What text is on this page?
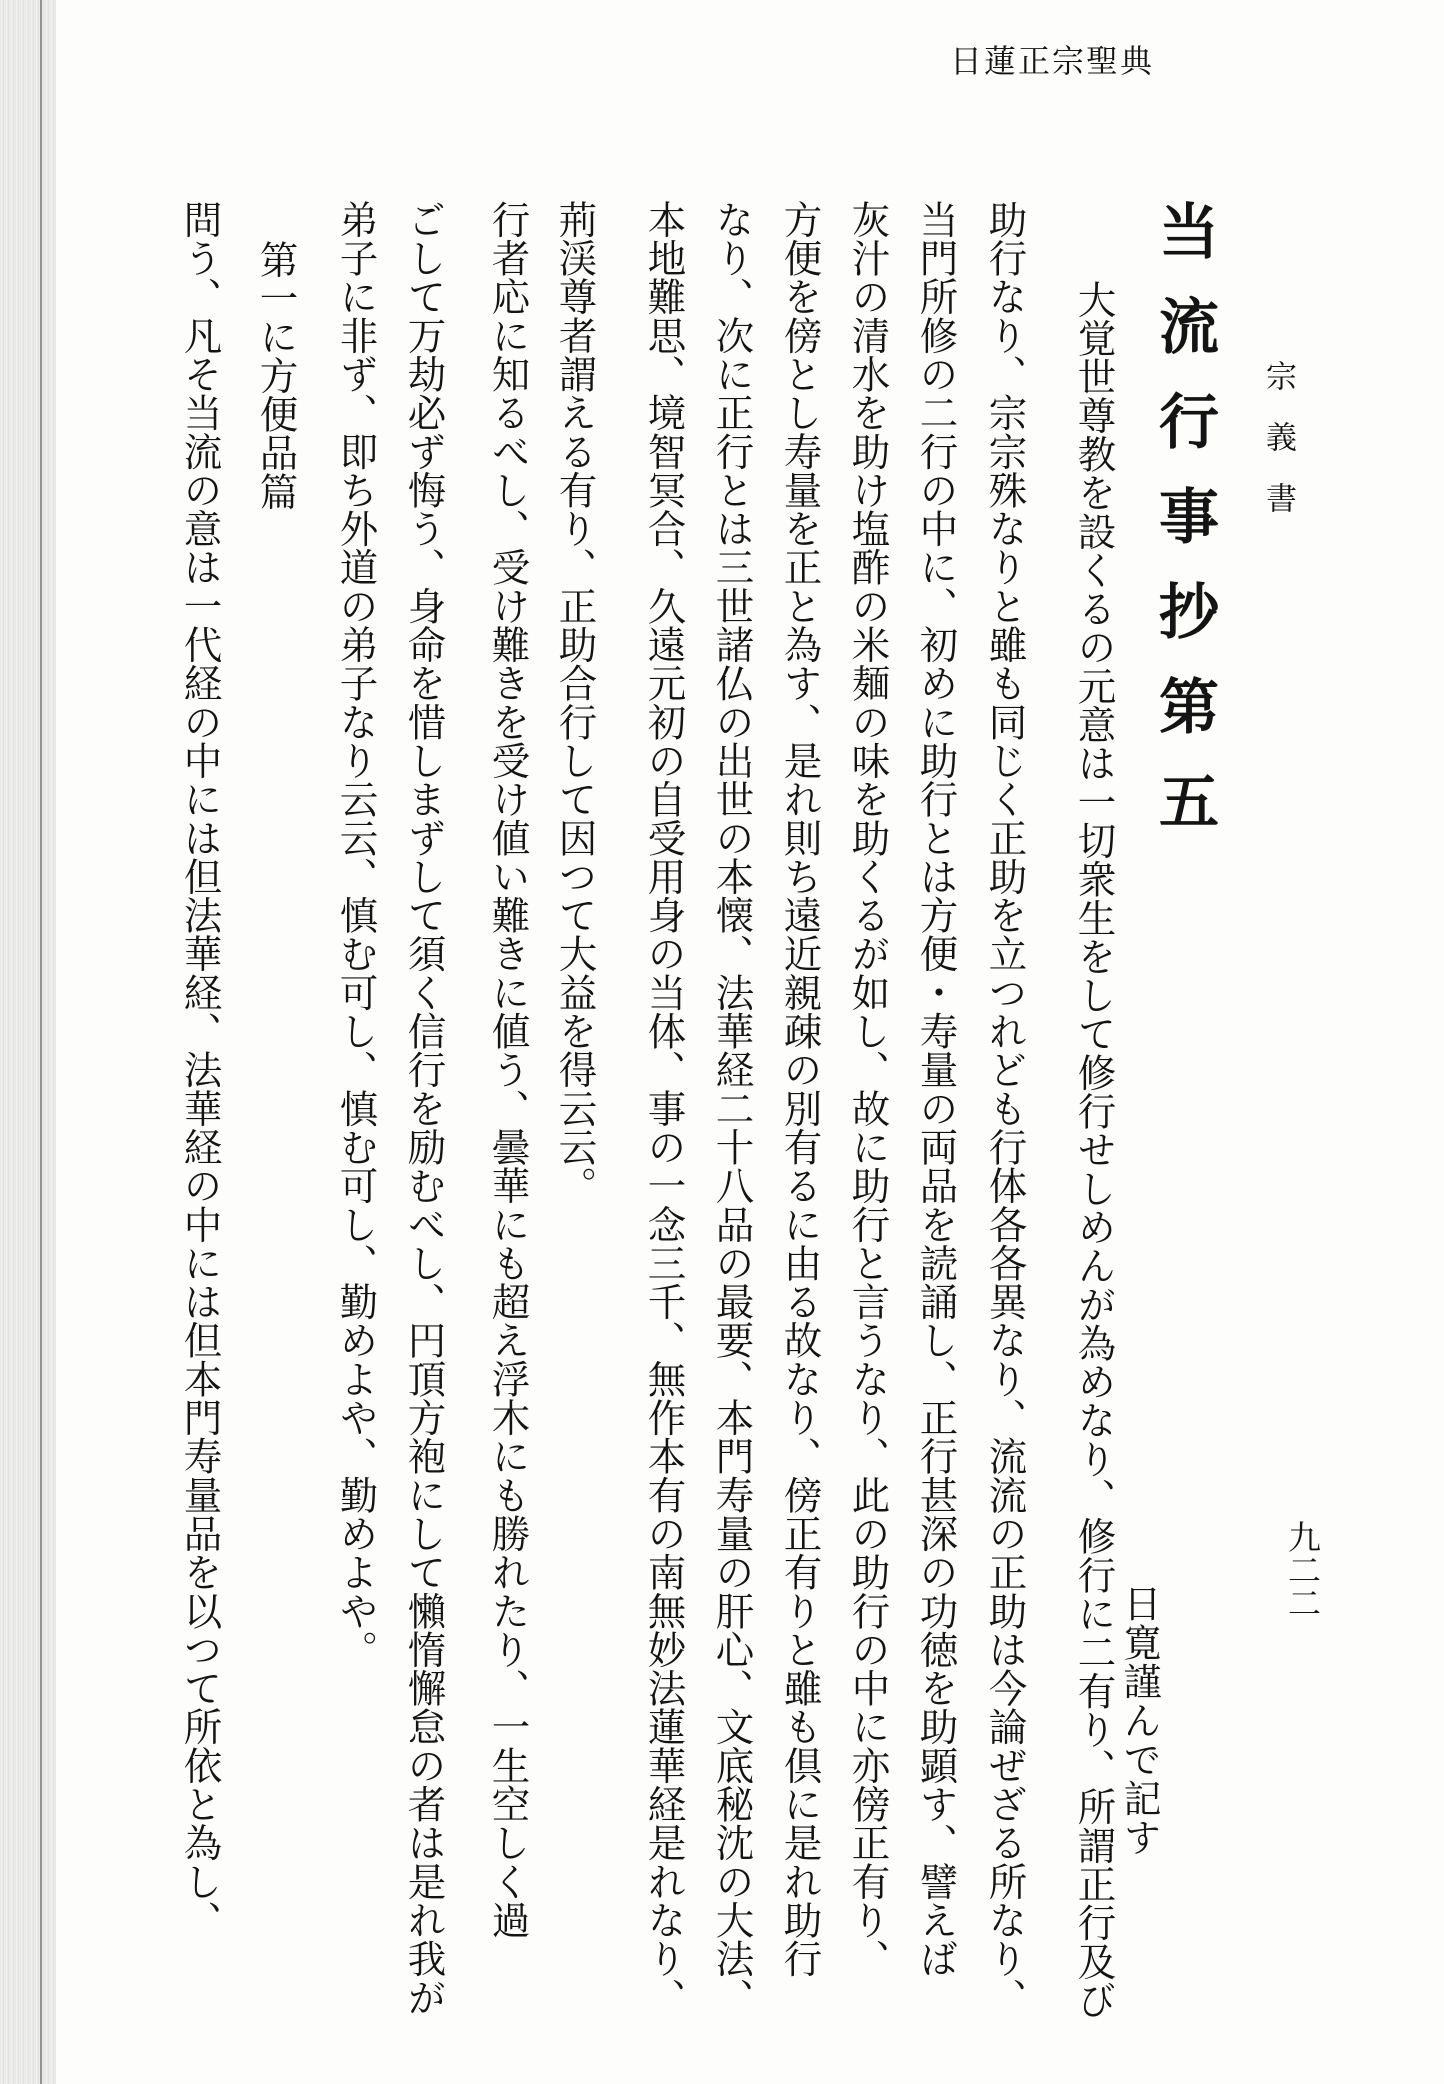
日蓮正宗聖典
九二二
宗義書
当流行事抄第五
日寛謹んで記す
大覚世尊教を設くるの元意は一切衆生をして修行せしめんが為めなり、修行に二有り、所謂正行及び
助行なり、宗宗殊なりと雖も同じく正助を立つれども行体各各異なり、流流の正助は今論ぜざる所なり、
当門所修の二行の中に、初めに助行とは方便・寿量の両品を読誦し、正行甚深の功徳を助顕す、譬えば
灰汁の清水を助け塩酢の米麺の味を助くるが如し、故に助行と言うなり、此の助行の中に亦傍正有り、
方便を傍とし寿量を正と為す、是れ則ち遠近親疎の別有るに由る故なり、傍正有りと雖も倶に是れ助行
なり、次に正行とは三世諸仏の出世の本懐、法華経二十八品の最要、本門寿量の肝心、文底秘沈の大法、
本地難思、境智冥合、久遠元初の自受用身の当体、事の一念三千、無作本有の南無妙法蓮華経是れなり、
荊渓尊者謂える有り、正助合行して因つて大益を得云云。
行者応に知るべし、受け難きを受け値い難きに値う、曇華にも超え浮木にも勝れたり、一生空しく過
ごして万劫必ず悔う、身命を惜しまずして須く信行を励むべし、円頂方袍にして懶惰懈怠の者は是れ我が
弟子に非ず、即ち外道の弟子なり云云、慎む可し、慎む可し、勤めよや、勤めよや。
第一に方便品篇
問う、凡そ当流の意は一代経の中には但法華経、法華経の中には但本門寿量品を以つて所依と為し、
